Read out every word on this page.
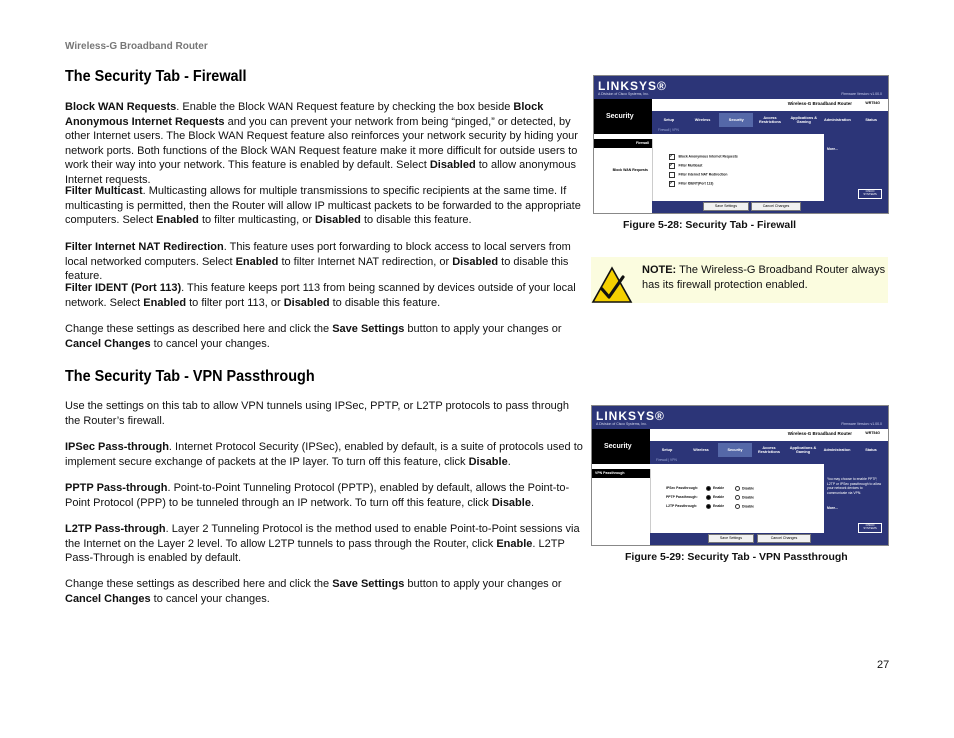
Wireless-G Broadband Router
The Security Tab - Firewall

Block WAN Requests. Enable the Block WAN Request feature by checking the box beside Block Anonymous Internet Requests and you can prevent your network from being “pinged,” or detected, by other Internet users. The Block WAN Request feature also reinforces your network security by hiding your network ports. Both functions of the Block WAN Request feature make it more difficult for outside users to work their way into your network. This feature is enabled by default. Select Disabled to allow anonymous Internet requests.

Filter Multicast. Multicasting allows for multiple transmissions to specific recipients at the same time. If multicasting is permitted, then the Router will allow IP multicast packets to be forwarded to the appropriate computers. Select Enabled to filter multicasting, or Disabled to disable this feature.

Filter Internet NAT Redirection. This feature uses port forwarding to block access to local servers from local networked computers. Select Enabled to filter Internet NAT redirection, or Disabled to disable this feature.

Filter IDENT (Port 113). This feature keeps port 113 from being scanned by devices outside of your local network. Select Enabled to filter port 113, or Disabled to disable this feature.

Change these settings as described here and click the Save Settings button to apply your changes or Cancel Changes to cancel your changes.

The Security Tab - VPN Passthrough

Use the settings on this tab to allow VPN tunnels using IPSec, PPTP, or L2TP protocols to pass through the Router’s firewall.

IPSec Pass-through. Internet Protocol Security (IPSec), enabled by default, is a suite of protocols used to implement secure exchange of packets at the IP layer. To turn off this feature, click Disable.

PPTP Pass-through. Point-to-Point Tunneling Protocol (PPTP), enabled by default, allows the Point-to-Point Protocol (PPP) to be tunneled through an IP network. To turn off this feature, click Disable.

L2TP Pass-through. Layer 2 Tunneling Protocol is the method used to enable Point-to-Point sessions via the Internet on the Layer 2 level. To allow L2TP tunnels to pass through the Router, click Enable. L2TP Pass-Through is enabled by default.

Change these settings as described here and click the Save Settings button to apply your changes or Cancel Changes to cancel your changes.

LINKSYS®
A Division of Cisco Systems, Inc.	Firmware Version: v1.00.0
Security
Wireless-G Broadband Router	WRT54G
Setup	Wireless	Security	Access Restrictions
Applications & Gaming	Administration	Status
Firewall | VPN
Firewall
Block WAN Requests
✓Block Anonymous Internet Requests
✓Filter Multicast
Filter Internet NAT Redirection
✓Filter IDENT(Port 113)
More...
CISCO SYSTEMS
Save Settings	Cancel Changes
Figure 5-28: Security Tab - Firewall
NOTE: The Wireless-G Broadband Router always has its firewall protection enabled.
LINKSYS®
A Division of Cisco Systems, Inc.	Firmware Version: v1.00.0
Security
Wireless-G Broadband Router	WRT54G
Setup	Wireless	Security	Access Restrictions
Applications & Gaming	Administration	Status
Firewall | VPN
VPN Passthrough
IPSec Passthrough:	Enable	Disable
PPTP Passthrough:	Enable	Disable
L2TP Passthrough:	Enable	Disable
You may choose to enable PPTP, L2TP or IPSec passthrough to allow your network devices to communicate via VPN.
More...
CISCO SYSTEMS
Save Settings	Cancel Changes
Figure 5-29: Security Tab - VPN Passthrough
27
